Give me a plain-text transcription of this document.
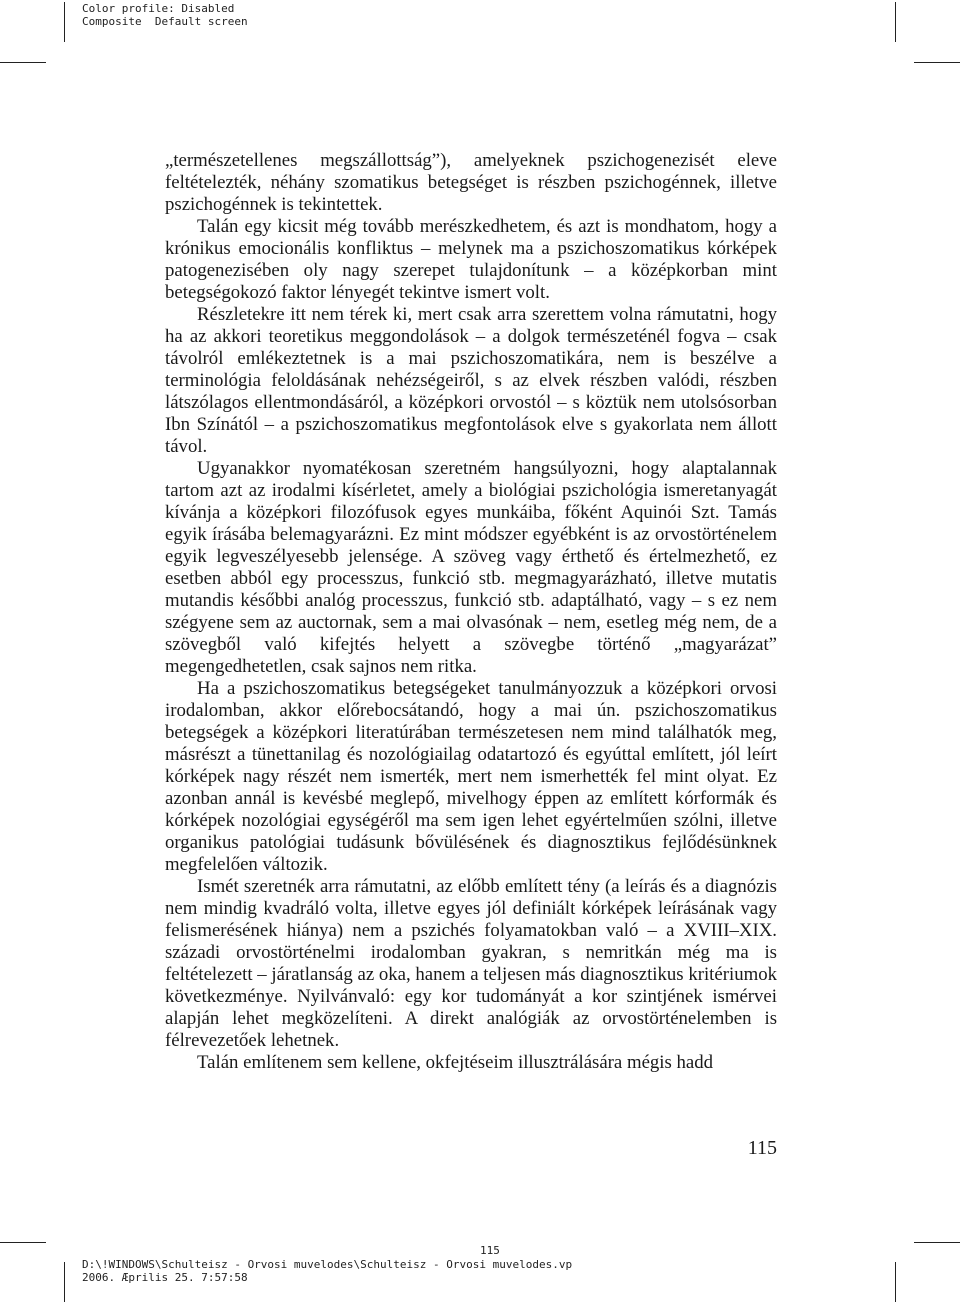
Color profile: Disabled
Composite  Default screen

„természetellenes megszállottság”), amelyeknek pszichogenezisét eleve feltételezték, néhány szomatikus betegséget is részben pszichogénnek, illetve pszichogénnek is tekintettek.

Talán egy kicsit még tovább merészkedhetem, és azt is mondhatom, hogy a krónikus emocionális konfliktus – melynek ma a pszichoszomatikus kórképek patogenezisében oly nagy szerepet tulajdonítunk – a középkorban mint betegségokozó faktor lényegét tekintve ismert volt.

Részletekre itt nem térek ki, mert csak arra szerettem volna rámutatni, hogy ha az akkori teoretikus meggondolások – a dolgok természeténél fogva – csak távolról emlékeztetnek is a mai pszichoszomatikára, nem is beszélve a terminológia feloldásának nehézségeiről, s az elvek részben valódi, részben látszólagos ellentmondásáról, a középkori orvostól – s köztük nem utolsósorban Ibn Színától – a pszichoszomatikus megfontolások elve s gyakorlata nem állott távol.

Ugyanakkor nyomatékosan szeretném hangsúlyozni, hogy alaptalannak tartom azt az irodalmi kísérletet, amely a biológiai pszichológia ismeretanyagát kívánja a középkori filozófusok egyes munkáiba, főként Aquinói Szt. Tamás egyik írásába belemagyarázni. Ez mint módszer egyébként is az orvostörténelem egyik legveszélyesebb jelensége. A szöveg vagy érthető és értelmezhető, ez esetben abból egy processzus, funkció stb. megmagyarázható, illetve mutatis mutandis későbbi analóg processzus, funkció stb. adaptálható, vagy – s ez nem szégyene sem az auctornak, sem a mai olvasónak – nem, esetleg még nem, de a szövegből való kifejtés helyett a szövegbe történő „magyarázat” megengedhetetlen, csak sajnos nem ritka.

Ha a pszichoszomatikus betegségeket tanulmányozzuk a középkori orvosi irodalomban, akkor előrebocsátandó, hogy a mai ún. pszichoszomatikus betegségek a középkori literatúrában természetesen nem mind találhatók meg, másrészt a tünettanilag és nozológiailag odatartozó és egyúttal említett, jól leírt kórképek nagy részét nem ismerték, mert nem ismerhették fel mint olyat. Ez azonban annál is kevésbé meglepő, mivelhogy éppen az említett kórformák és kórképek nozológiai egységéről ma sem igen lehet egyértelműen szólni, illetve organikus patológiai tudásunk bővülésének és diagnosztikus fejlődésünknek megfelelően változik.

Ismét szeretnék arra rámutatni, az előbb említett tény (a leírás és a diagnózis nem mindig kvadráló volta, illetve egyes jól definiált kórképek leírásának vagy felismerésének hiánya) nem a pszichés folyamatokban való – a XVIII–XIX. századi orvostörténelmi irodalomban gyakran, s nemritkán még ma is feltételezett – járatlanság az oka, hanem a teljesen más diagnosztikus kritériumok következménye. Nyilvánvaló: egy kor tudományát a kor szintjének ismérvei alapján lehet megközelíteni. A direkt analógiák az orvostörténelemben is félrevezetőek lehetnek.

Talán említenem sem kellene, okfejtéseim illusztrálására mégis hadd

115
115
D:\!WINDOWS\Schulteisz - Orvosi muvelodes\Schulteisz - Orvosi muvelodes.vp
2006. Æprilis 25. 7:57:58
